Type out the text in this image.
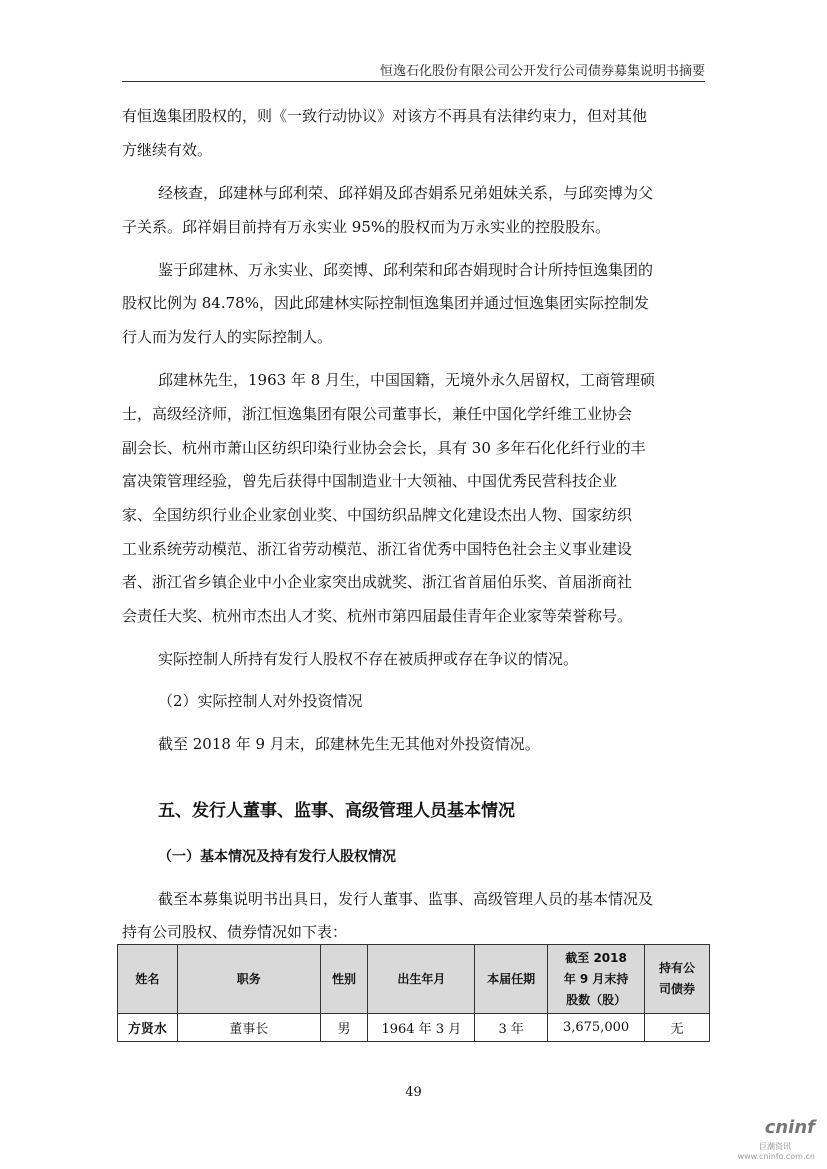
恒逸石化股份有限公司公开发行公司债券募集说明书摘要
有恒逸集团股权的，则《一致行动协议》对该方不再具有法律约束力，但对其他
方继续有效。
经核查，邱建林与邱利荣、邱祥娟及邱杏娟系兄弟姐妹关系，与邱奕博为父
子关系。邱祥娟目前持有万永实业 95%的股权而为万永实业的控股股东。
鉴于邱建林、万永实业、邱奕博、邱利荣和邱杏娟现时合计所持恒逸集团的
股权比例为 84.78%，因此邱建林实际控制恒逸集团并通过恒逸集团实际控制发
行人而为发行人的实际控制人。
邱建林先生，1963 年 8 月生，中国国籍，无境外永久居留权，工商管理硕
士，高级经济师，浙江恒逸集团有限公司董事长，兼任中国化学纤维工业协会
副会长、杭州市萧山区纺织印染行业协会会长，具有 30 多年石化化纤行业的丰
富决策管理经验，曾先后获得中国制造业十大领袖、中国优秀民营科技企业
家、全国纺织行业企业家创业奖、中国纺织品牌文化建设杰出人物、国家纺织
工业系统劳动模范、浙江省劳动模范、浙江省优秀中国特色社会主义事业建设
者、浙江省乡镇企业中小企业家突出成就奖、浙江省首届伯乐奖、首届浙商社
会责任大奖、杭州市杰出人才奖、杭州市第四届最佳青年企业家等荣誉称号。
实际控制人所持有发行人股权不存在被质押或存在争议的情况。
（2）实际控制人对外投资情况
截至 2018 年 9 月末，邱建林先生无其他对外投资情况。
五、发行人董事、监事、高级管理人员基本情况
（一）基本情况及持有发行人股权情况
截至本募集说明书出具日，发行人董事、监事、高级管理人员的基本情况及
持有公司股权、债券情况如下表：
姓名	职务	性别	出生年月	本届任期	截至 2018 年 9 月末持股数（股）	持有公司债券
方贤水	董事长	男	1964 年 3 月	3 年	3,675,000	无
49
cninf
巨潮资讯
www.cninfo.com.cn
